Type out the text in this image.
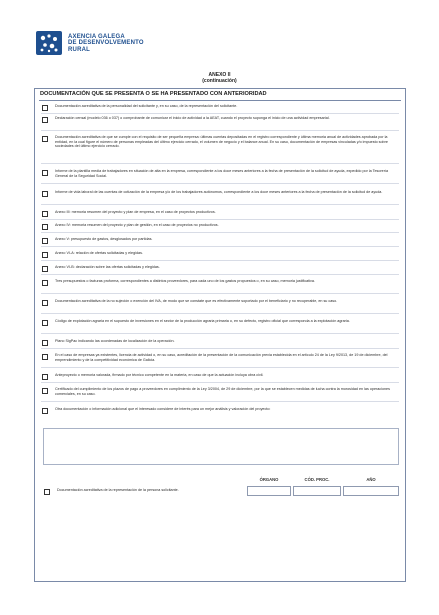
AXENCIA GALEGA
DE DESENVOLVEMENTO
RURAL
ANEXO II
(continuación)
DOCUMENTACIÓN QUE SE PRESENTA O SE HA PRESENTADO CON ANTERIORIDAD
Documentación acreditativa de la personalidad del solicitante y, en su caso, de la representación del solicitante.
Declaración censal (modelo 036 o 037) o comprobante de comunicar el inicio de actividad a la AEAT, cuando el proyecto suponga el inicio de una actividad empresarial.
Documentación acreditativa de que se cumple con el requisito de ser pequeña empresa: últimas cuentas depositadas en el registro correspondiente y última memoria anual de actividades aprobada por la entidad, en la cual figure el número de personas empleadas del último ejercicio cerrado, el volumen de negocio y el balance anual. En su caso, documentación de empresas vinculadas y/o impuesto sobre sociedades del último ejercicio cerrado.
Informe de la plantilla media de trabajadores en situación de alta en la empresa, correspondiente a los doce meses anteriores a la fecha de presentación de la solicitud de ayuda, expedido por la Tesorería General de la Seguridad Social.
Informe de vida laboral de las cuentas de cotización de la empresa y/o de los trabajadores autónomos, correspondiente a los doce meses anteriores a la fecha de presentación de la solicitud de ayuda.
Anexo III: memoria resumen del proyecto y plan de empresa, en el caso de proyectos productivos.
Anexo IV: memoria resumen del proyecto y plan de gestión, en el caso de proyectos no productivos.
Anexo V: presupuesto de gastos, desglosados por partidas.
Anexo VI-A: relación de ofertas solicitadas y elegidas.
Anexo VI-B: declaración sobre las ofertas solicitadas y elegidas.
Tres presupuestos o facturas proforma, correspondientes a distintos proveedores, para cada uno de los gastos propuestos o, en su caso, memoria justificativa.
Documentación acreditativa de la no sujeción o exención del IVA, de modo que se constate que es efectivamente soportado por el beneficiario y no recuperable, en su caso.
Código de explotación agraria en el supuesto de inversiones en el sector de la producción agraria primaria o, en su defecto, registro oficial que corresponda a la explotación agraria.
Plano SigPac indicando las coordenadas de localización de la operación.
En el caso de empresas ya existentes, licencia de actividad o, en su caso, acreditación de la presentación de la comunicación previa establecida en el artículo 24 de la Ley 9/2013, de 19 de diciembre, del emprendimiento y de la competitividad económica de Galicia.
Anteproyecto o memoria valorada, firmado por técnico competente en la materia, en caso de que la actuación incluya obra civil.
Certificado del cumplimiento de los plazos de pago a proveedores en cumplimiento de la Ley 3/2004, de 29 de diciembre, por la que se establecen medidas de lucha contra la morosidad en las operaciones comerciales, en su caso.
Otra documentación o información adicional que el interesado considere de interés para un mejor análisis y valoración del proyecto:
ÓRGANO	CÓD. PROC.	AÑO
Documentación acreditativa de la representación de la persona solicitante.
